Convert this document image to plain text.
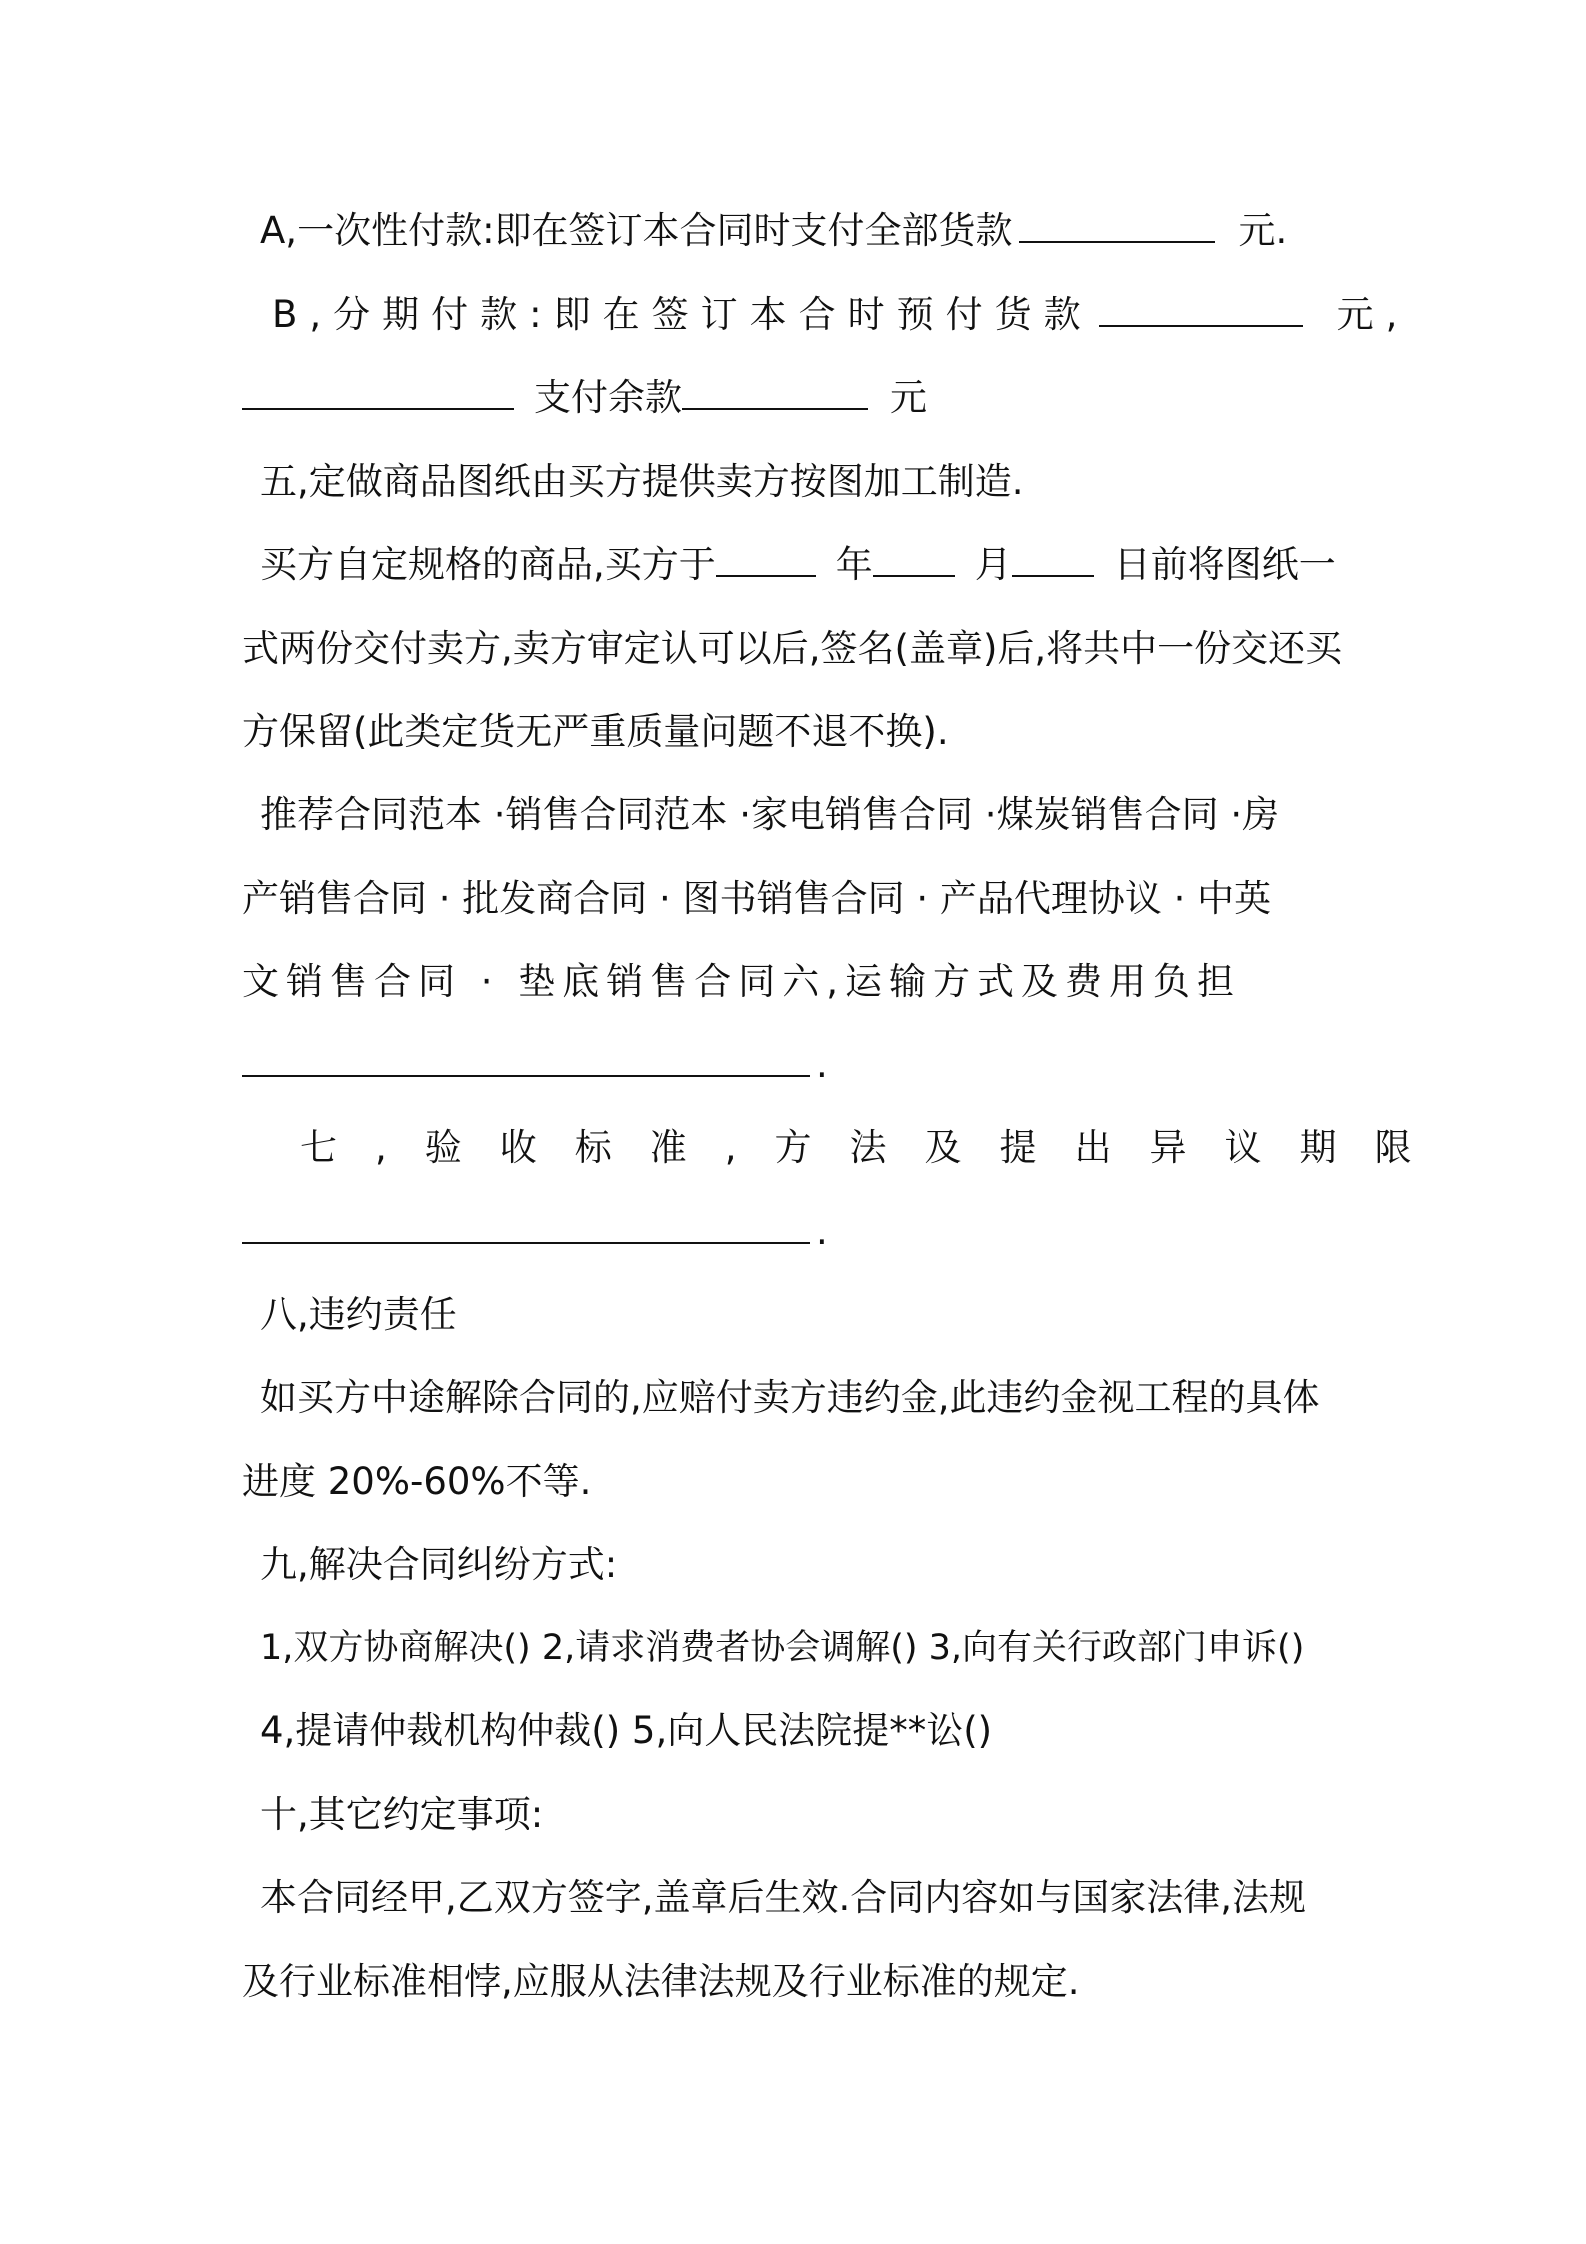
A,一次性付款:即在签订本合同时支付全部货款	元.
B,分期付款:即在签订本合时预付货款	元,
支付余款	元
五,定做商品图纸由买方提供卖方按图加工制造.
买方自定规格的商品,买方于	年	月	日前将图纸一
式两份交付卖方,卖方审定认可以后,签名(盖章)后,将共中一份交还买
方保留(此类定货无严重质量问题不退不换).
推荐合同范本 ·销售合同范本 ·家电销售合同 ·煤炭销售合同 ·房
产销售合同 · 批发商合同 · 图书销售合同 · 产品代理协议 · 中英
文销售合同 · 垫底销售合同六,运输方式及费用负担
.
七,验收标准,方法及提出异议期限
.
八,违约责任
如买方中途解除合同的,应赔付卖方违约金,此违约金视工程的具体
进度 20%-60%不等.
九,解决合同纠纷方式:
1,双方协商解决() 2,请求消费者协会调解() 3,向有关行政部门申诉()
4,提请仲裁机构仲裁() 5,向人民法院提**讼()
十,其它约定事项:
本合同经甲,乙双方签字,盖章后生效.合同内容如与国家法律,法规
及行业标准相悖,应服从法律法规及行业标准的规定.
